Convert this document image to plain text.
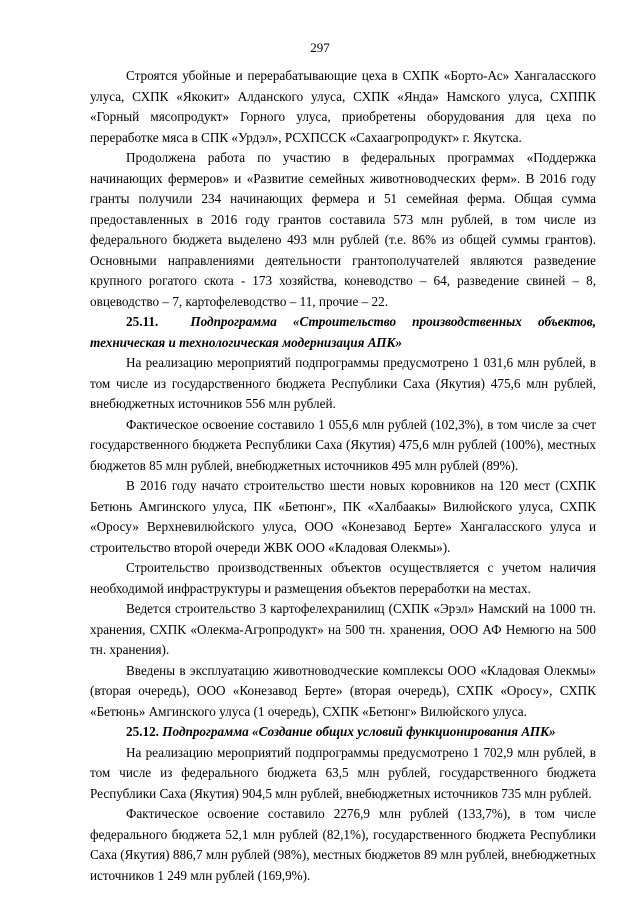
297

Строятся убойные и перерабатывающие цеха в СХПК «Борто-Ас» Хангаласского улуса, СХПК «Якокит» Алданского улуса, СХПК «Янда» Намского улуса, СХППК «Горный мясопродукт» Горного улуса, приобретены оборудования для цеха по переработке мяса в СПК «Урдэл», РСХПССК «Сахаагропродукт» г. Якутска.

Продолжена работа по участию в федеральных программах «Поддержка начинающих фермеров» и «Развитие семейных животноводческих ферм». В 2016 году гранты получили 234 начинающих фермера и 51 семейная ферма. Общая сумма предоставленных в 2016 году грантов составила 573 млн рублей, в том числе из федерального бюджета выделено 493 млн рублей (т.е. 86% из общей суммы грантов). Основными направлениями деятельности грантополучателей являются разведение крупного рогатого скота - 173 хозяйства, коневодство – 64, разведение свиней – 8, овцеводство – 7, картофелеводство – 11, прочие – 22.

25.11. Подпрограмма «Строительство производственных объектов, техническая и технологическая модернизация АПК»

На реализацию мероприятий подпрограммы предусмотрено 1 031,6 млн рублей, в том числе из государственного бюджета Республики Саха (Якутия) 475,6 млн рублей, внебюджетных источников 556 млн рублей.

Фактическое освоение составило 1 055,6 млн рублей (102,3%), в том числе за счет государственного бюджета Республики Саха (Якутия) 475,6 млн рублей (100%), местных бюджетов 85 млн рублей, внебюджетных источников 495 млн рублей (89%).

В 2016 году начато строительство шести новых коровников на 120 мест (СХПК Бетюнь Амгинского улуса, ПК «Бетюнг», ПК «Халбаакы» Вилюйского улуса, СХПК «Оросу» Верхневилюйского улуса, ООО «Конезавод Берте» Хангаласского улуса и строительство второй очереди ЖВК ООО «Кладовая Олекмы»).

Строительство производственных объектов осуществляется с учетом наличия необходимой инфраструктуры и размещения объектов переработки на местах.

Ведется строительство 3 картофелехранилищ (СХПК «Эрэл» Намский на 1000 тн. хранения, СХПК «Олекма-Агропродукт» на 500 тн. хранения, ООО АФ Немюгю на 500 тн. хранения).

Введены в эксплуатацию животноводческие комплексы ООО «Кладовая Олекмы» (вторая очередь), ООО «Конезавод Берте» (вторая очередь), СХПК «Оросу», СХПК «Бетюнь» Амгинского улуса (1 очередь), СХПК «Бетюнг» Вилюйского улуса.

25.12. Подпрограмма «Создание общих условий функционирования АПК»

На реализацию мероприятий подпрограммы предусмотрено 1 702,9 млн рублей, в том числе из федерального бюджета 63,5 млн рублей, государственного бюджета Республики Саха (Якутия) 904,5 млн рублей, внебюджетных источников 735 млн рублей.

Фактическое освоение составило 2276,9 млн рублей (133,7%), в том числе федерального бюджета 52,1 млн рублей (82,1%), государственного бюджета Республики Саха (Якутия) 886,7 млн рублей (98%), местных бюджетов 89 млн рублей, внебюджетных источников 1 249 млн рублей (169,9%).
